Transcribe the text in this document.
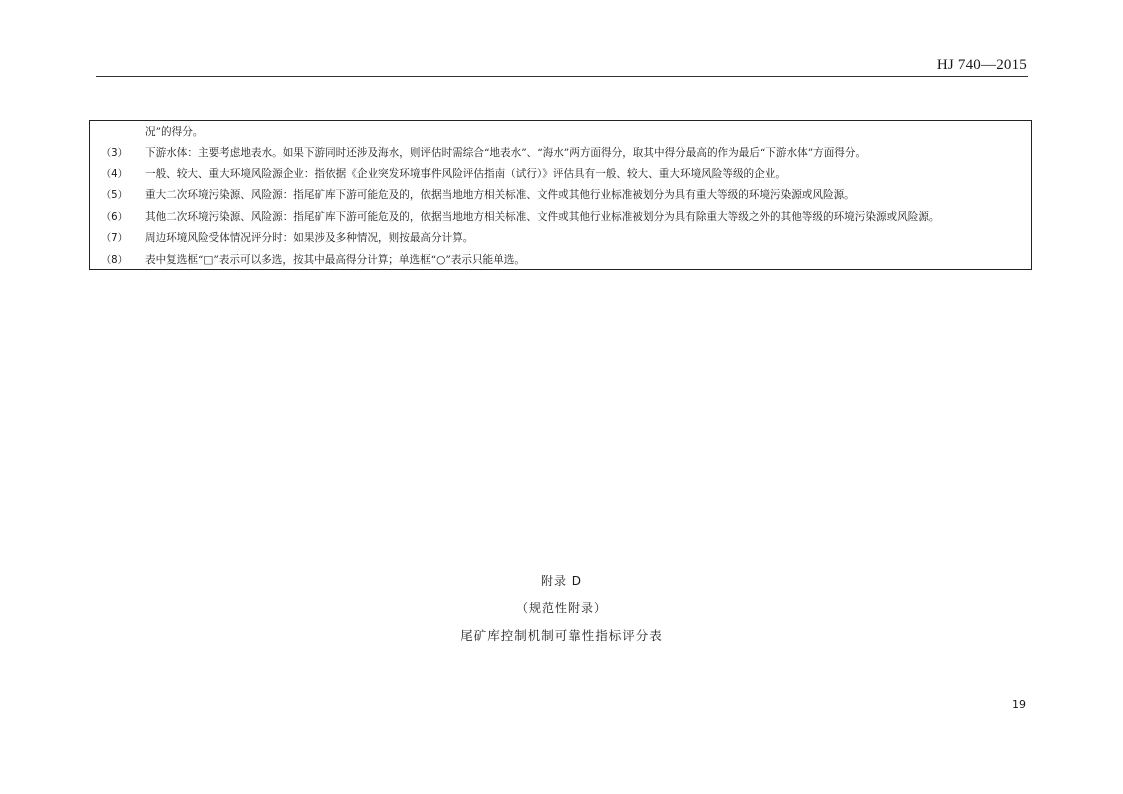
HJ 740—2015
况”的得分。
（3） 下游水体：主要考虑地表水。如果下游同时还涉及海水，则评估时需综合“地表水”、“海水”两方面得分，取其中得分最高的作为最后“下游水体”方面得分。
（4） 一般、较大、重大环境风险源企业：指依据《企业突发环境事件风险评估指南（试行）》评估具有一般、较大、重大环境风险等级的企业。
（5） 重大二次环境污染源、风险源：指尾矿库下游可能危及的，依据当地地方相关标准、文件或其他行业标准被划分为具有重大等级的环境污染源或风险源。
（6） 其他二次环境污染源、风险源：指尾矿库下游可能危及的，依据当地地方相关标准、文件或其他行业标准被划分为具有除重大等级之外的其他等级的环境污染源或风险源。
（7） 周边环境风险受体情况评分时：如果涉及多种情况，则按最高分计算。
（8） 表中复选框“□”表示可以多选，按其中最高得分计算；单选框“○”表示只能单选。
附录 D
（规范性附录）
尾矿库控制机制可靠性指标评分表
19
